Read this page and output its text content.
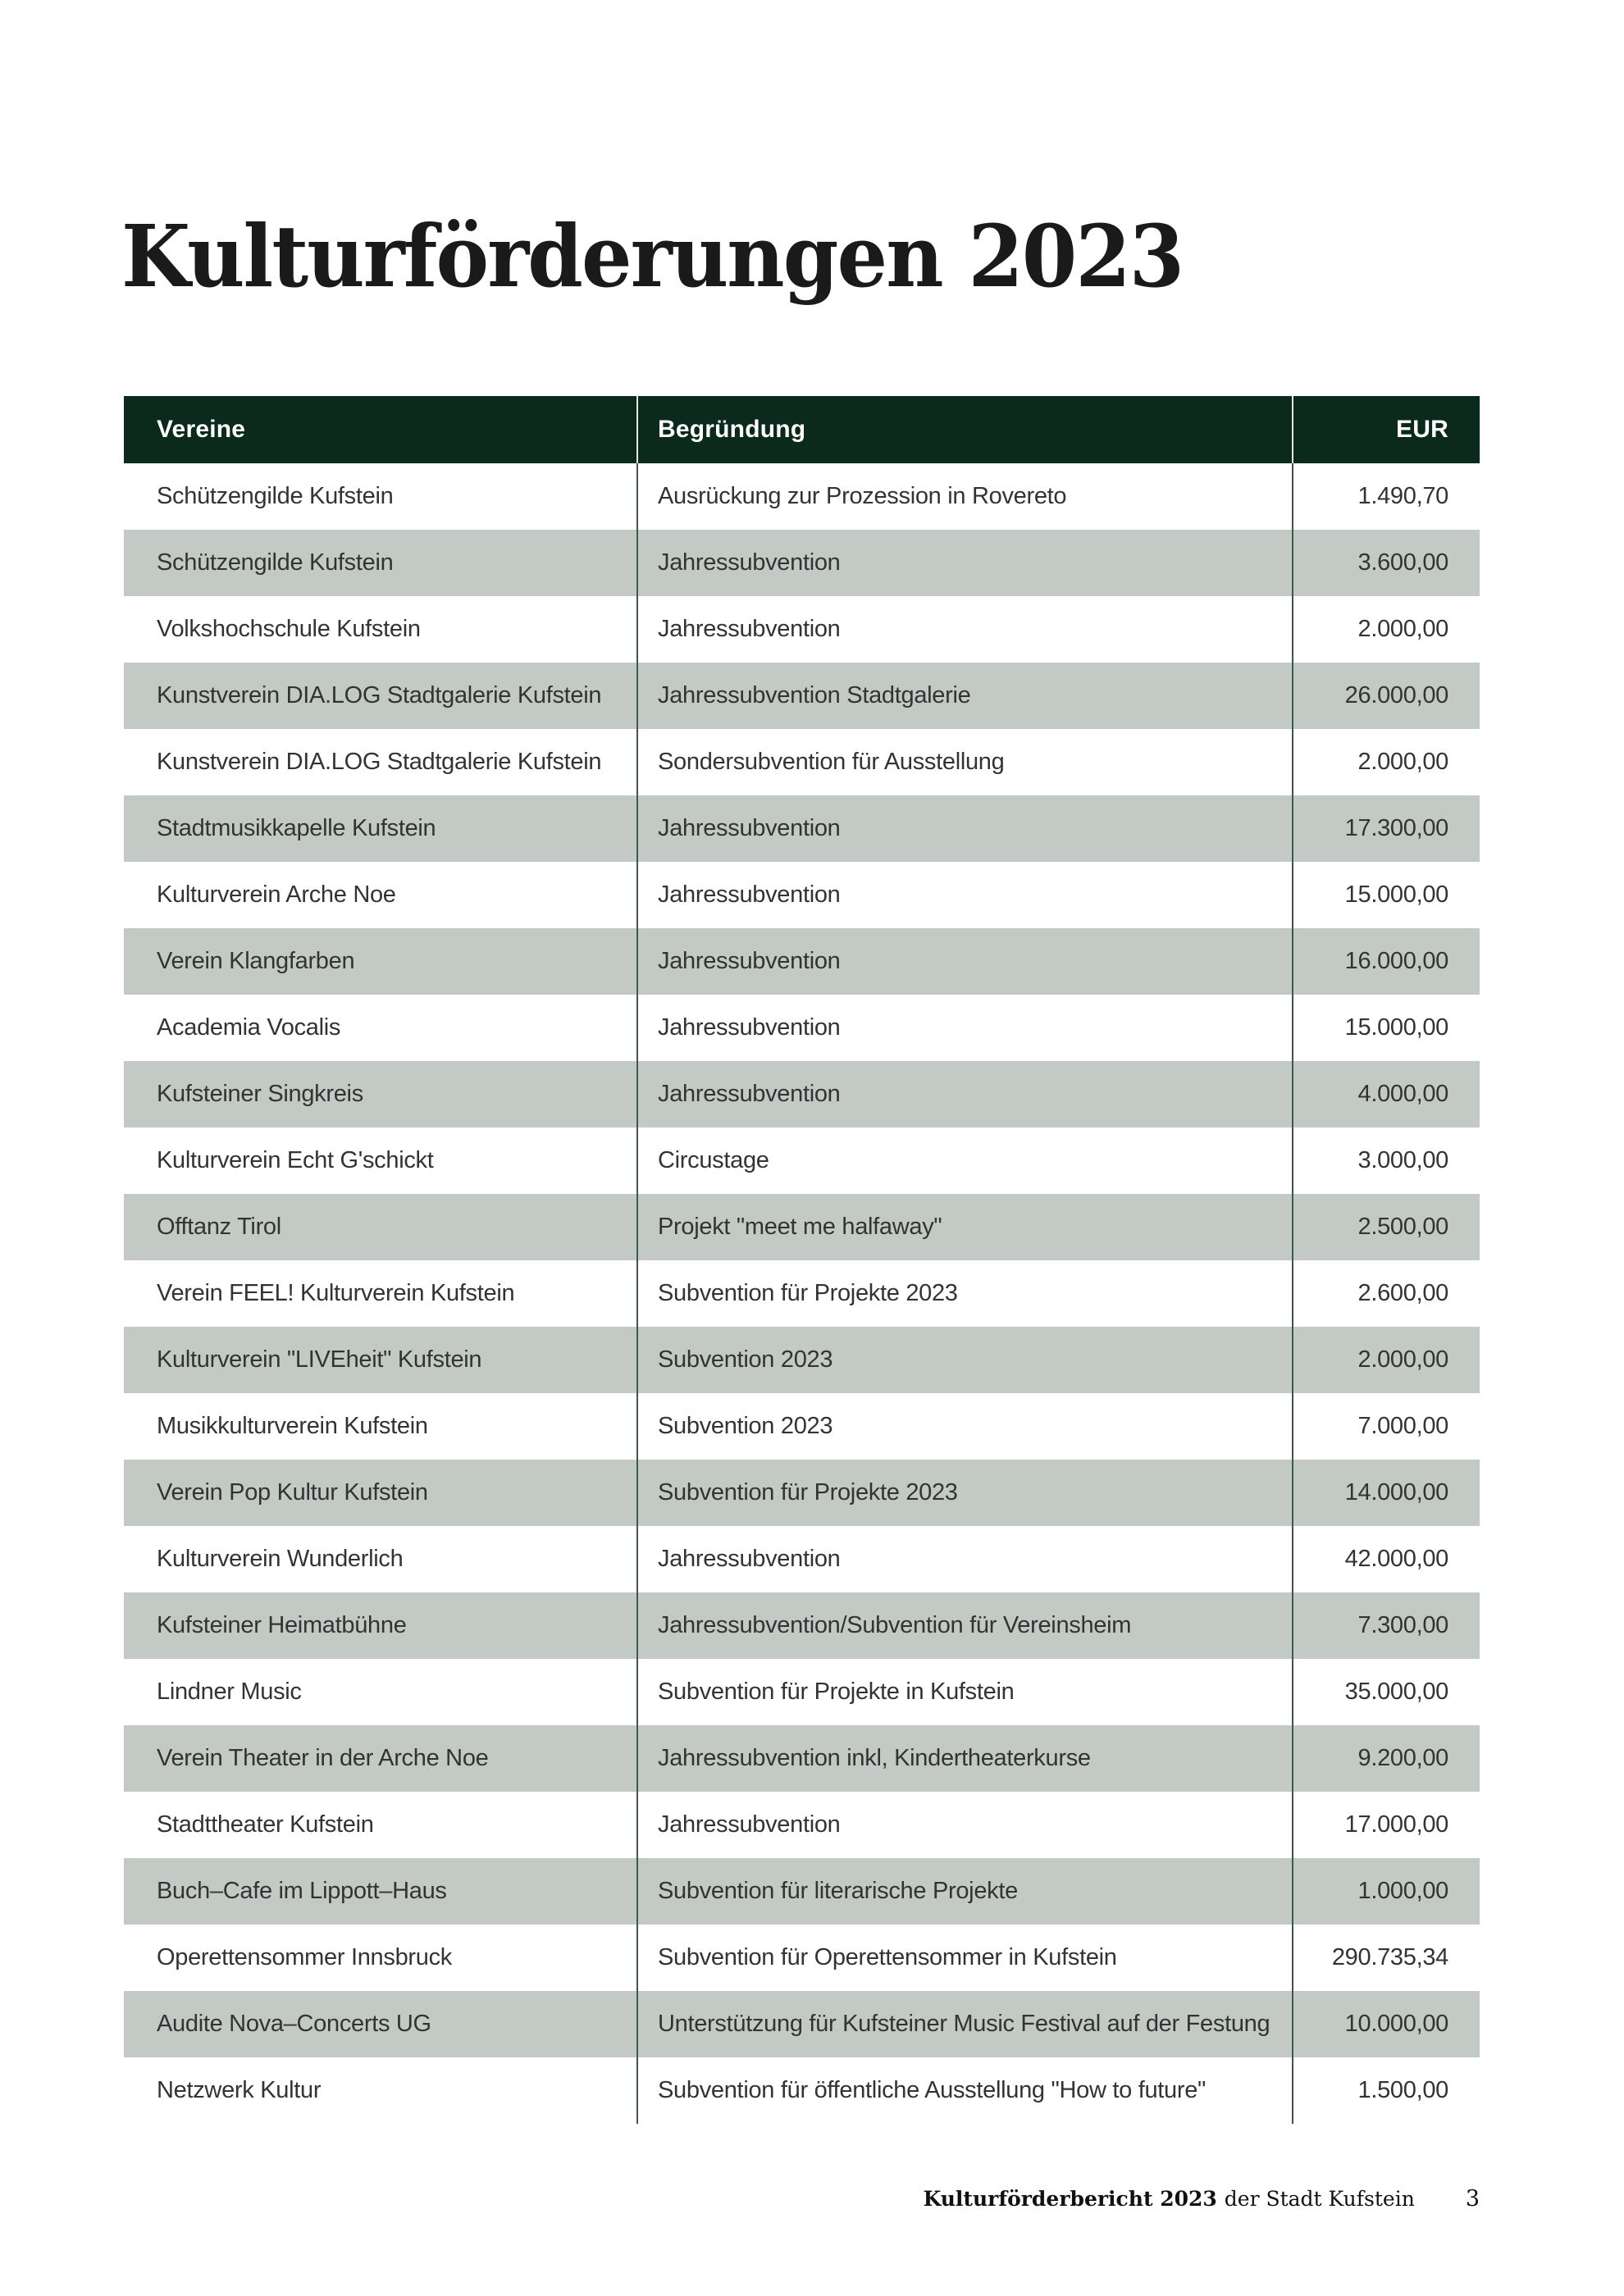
Kulturförderungen 2023
Vereine	Begründung	EUR
Schützengilde Kufstein	Ausrückung zur Prozession in Rovereto	1.490,70
Schützengilde Kufstein	Jahressubvention	3.600,00
Volkshochschule Kufstein	Jahressubvention	2.000,00
Kunstverein DIA.LOG Stadtgalerie Kufstein	Jahressubvention Stadtgalerie	26.000,00
Kunstverein DIA.LOG Stadtgalerie Kufstein	Sondersubvention für Ausstellung	2.000,00
Stadtmusikkapelle Kufstein	Jahressubvention	17.300,00
Kulturverein Arche Noe	Jahressubvention	15.000,00
Verein Klangfarben	Jahressubvention	16.000,00
Academia Vocalis	Jahressubvention	15.000,00
Kufsteiner Singkreis	Jahressubvention	4.000,00
Kulturverein Echt G'schickt	Circustage	3.000,00
Offtanz Tirol	Projekt "meet me halfaway"	2.500,00
Verein FEEL! Kulturverein Kufstein	Subvention für Projekte 2023	2.600,00
Kulturverein "LIVEheit" Kufstein	Subvention 2023	2.000,00
Musikkulturverein Kufstein	Subvention 2023	7.000,00
Verein Pop Kultur Kufstein	Subvention für Projekte 2023	14.000,00
Kulturverein Wunderlich	Jahressubvention	42.000,00
Kufsteiner Heimatbühne	Jahressubvention/Subvention für Vereinsheim	7.300,00
Lindner Music	Subvention für Projekte in Kufstein	35.000,00
Verein Theater in der Arche Noe	Jahressubvention inkl, Kindertheaterkurse	9.200,00
Stadttheater Kufstein	Jahressubvention	17.000,00
Buch–Cafe im Lippott–Haus	Subvention für literarische Projekte	1.000,00
Operettensommer Innsbruck	Subvention für Operettensommer in Kufstein	290.735,34
Audite Nova–Concerts UG	Unterstützung für Kufsteiner Music Festival auf der Festung	10.000,00
Netzwerk Kultur	Subvention für öffentliche Ausstellung "How to future"	1.500,00
Kulturförderbericht 2023 der Stadt Kufstein 3
